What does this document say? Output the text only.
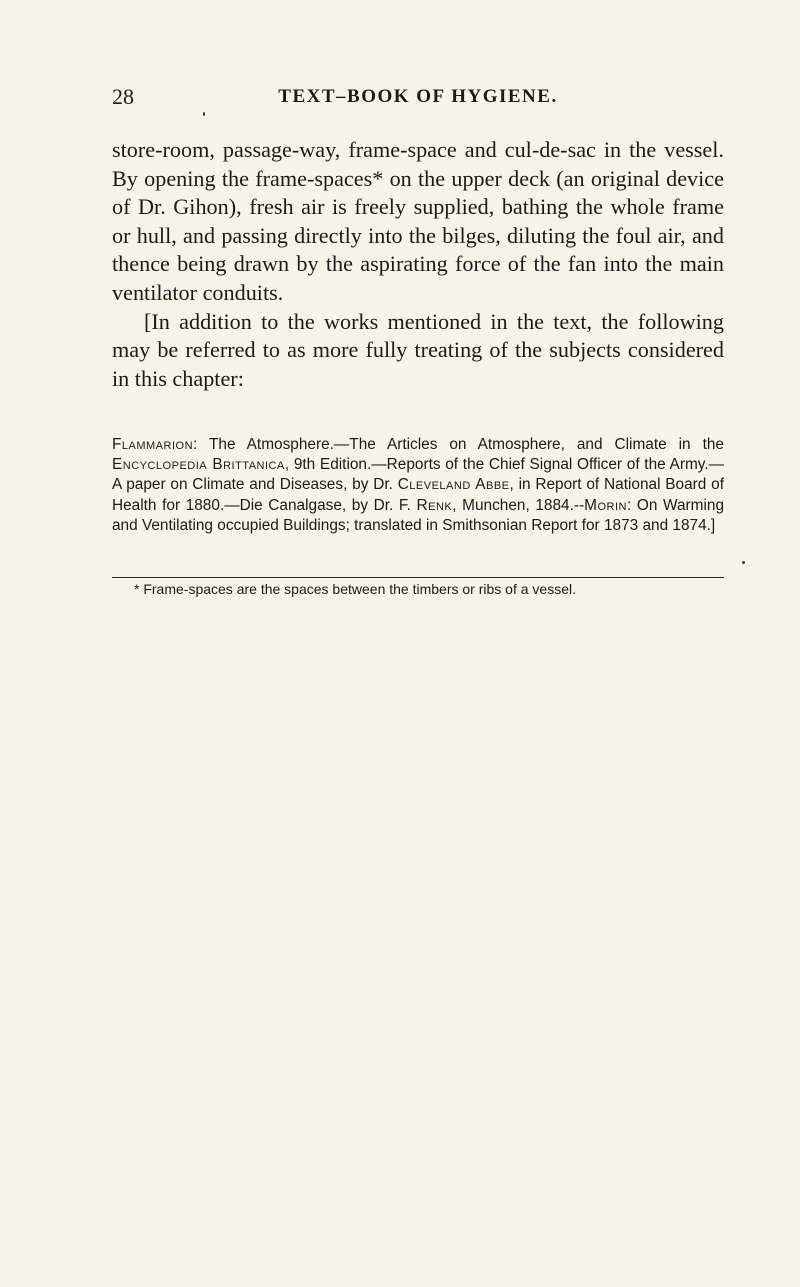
28	TEXT–BOOK OF HYGIENE.

store-room, passage-way, frame-space and cul-de-sac in the vessel. By opening the frame-spaces* on the upper deck (an original device of Dr. Gihon), fresh air is freely supplied, bathing the whole frame or hull, and passing directly into the bilges, diluting the foul air, and thence being drawn by the aspirating force of the fan into the main ventilator conduits.

[In addition to the works mentioned in the text, the following may be referred to as more fully treating of the subjects considered in this chapter:

Flammarion: The Atmosphere.—The Articles on Atmosphere, and Climate in the Encyclopedia Brittanica, 9th Edition.—Reports of the Chief Signal Officer of the Army.—A paper on Climate and Diseases, by Dr. Cleveland Abbe, in Report of National Board of Health for 1880.—Die Canalgase, by Dr. F. Renk, Munchen, 1884.--Morin: On Warming and Ventilating occupied Buildings; translated in Smithsonian Report for 1873 and 1874.]

* Frame-spaces are the spaces between the timbers or ribs of a vessel.
